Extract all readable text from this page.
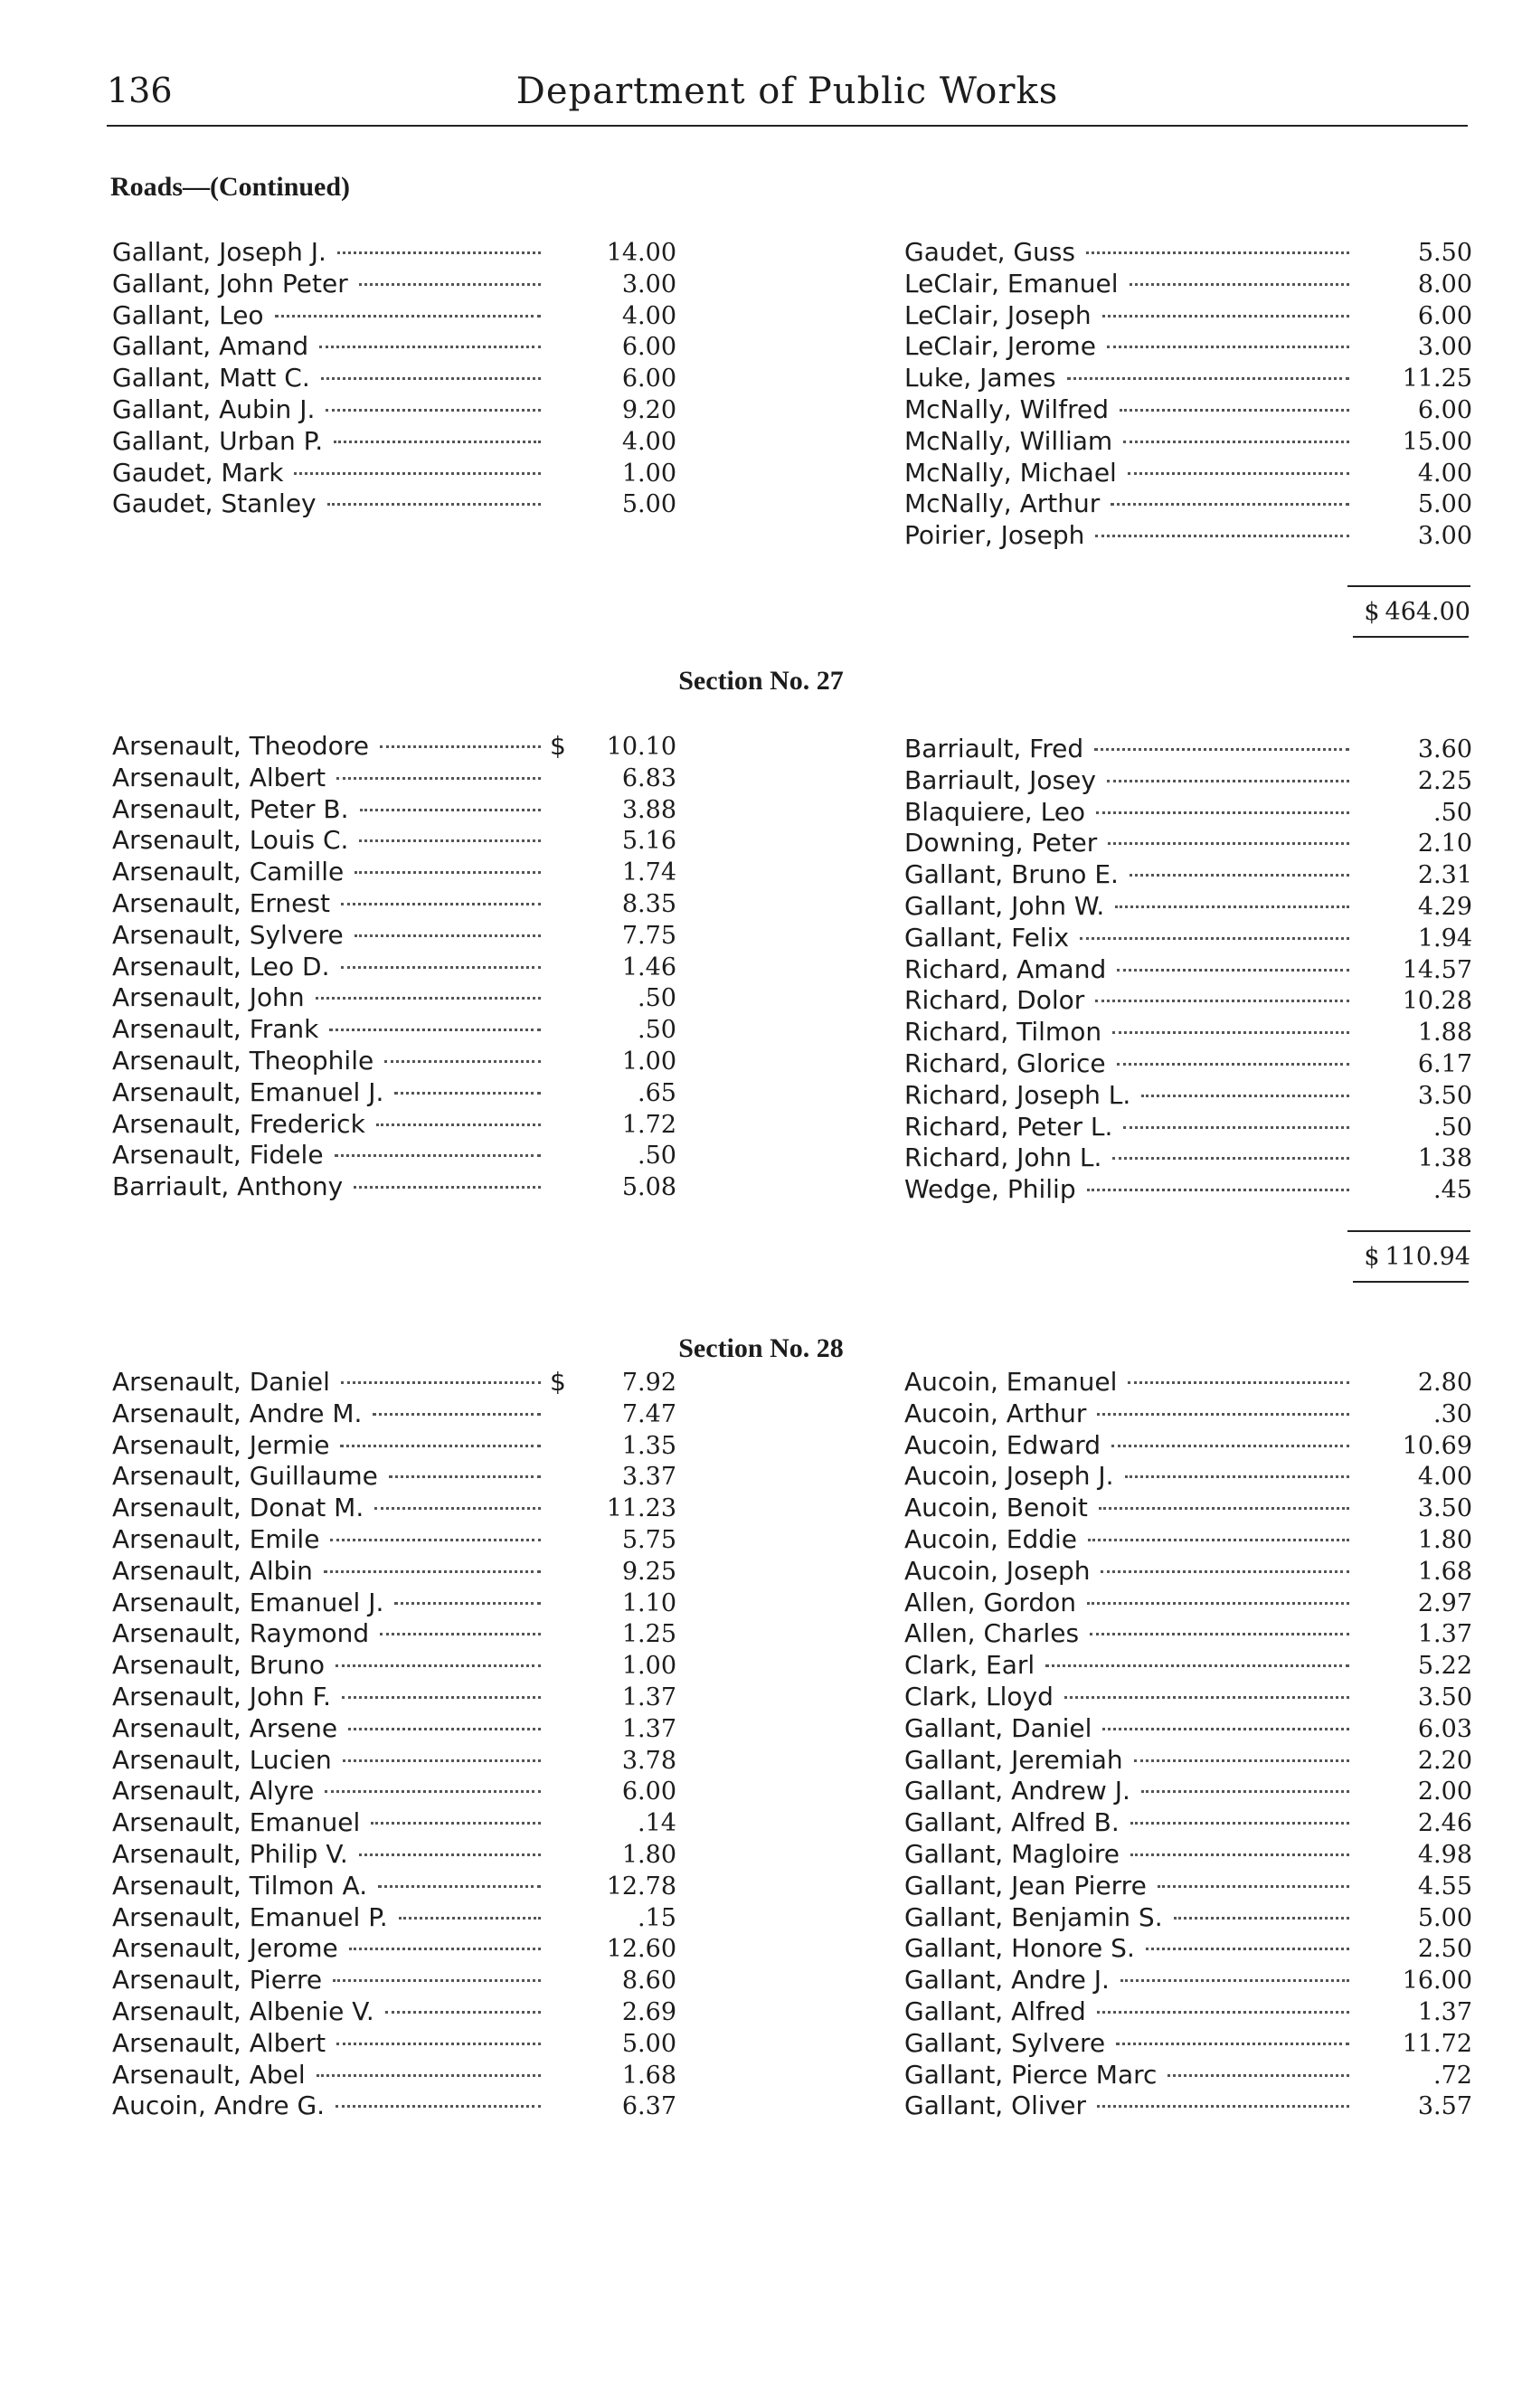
136	Department of Public Works
Roads—(Continued)
Gallant, Joseph J.	14.00
Gallant, John Peter	3.00
Gallant, Leo	4.00
Gallant, Amand	6.00
Gallant, Matt C.	6.00
Gallant, Aubin J.	9.20
Gallant, Urban P.	4.00
Gaudet, Mark	1.00
Gaudet, Stanley	5.00
Gaudet, Guss	5.50
LeClair, Emanuel	8.00
LeClair, Joseph	6.00
LeClair, Jerome	3.00
Luke, James	11.25
McNally, Wilfred	6.00
McNally, William	15.00
McNally, Michael	4.00
McNally, Arthur	5.00
Poirier, Joseph	3.00
$ 464.00
Section No. 27
Arsenault, Theodore	$	10.10
Arsenault, Albert	6.83
Arsenault, Peter B.	3.88
Arsenault, Louis C.	5.16
Arsenault, Camille	1.74
Arsenault, Ernest	8.35
Arsenault, Sylvere	7.75
Arsenault, Leo D.	1.46
Arsenault, John	.50
Arsenault, Frank	.50
Arsenault, Theophile	1.00
Arsenault, Emanuel J.	.65
Arsenault, Frederick	1.72
Arsenault, Fidele	.50
Barriault, Anthony	5.08
Barriault, Fred	3.60
Barriault, Josey	2.25
Blaquiere, Leo	.50
Downing, Peter	2.10
Gallant, Bruno E.	2.31
Gallant, John W.	4.29
Gallant, Felix	1.94
Richard, Amand	14.57
Richard, Dolor	10.28
Richard, Tilmon	1.88
Richard, Glorice	6.17
Richard, Joseph L.	3.50
Richard, Peter L.	.50
Richard, John L.	1.38
Wedge, Philip	.45
$ 110.94
Section No. 28
Arsenault, Daniel	$	7.92
Arsenault, Andre M.	7.47
Arsenault, Jermie	1.35
Arsenault, Guillaume	3.37
Arsenault, Donat M.	11.23
Arsenault, Emile	5.75
Arsenault, Albin	9.25
Arsenault, Emanuel J.	1.10
Arsenault, Raymond	1.25
Arsenault, Bruno	1.00
Arsenault, John F.	1.37
Arsenault, Arsene	1.37
Arsenault, Lucien	3.78
Arsenault, Alyre	6.00
Arsenault, Emanuel	.14
Arsenault, Philip V.	1.80
Arsenault, Tilmon A.	12.78
Arsenault, Emanuel P.	.15
Arsenault, Jerome	12.60
Arsenault, Pierre	8.60
Arsenault, Albenie V.	2.69
Arsenault, Albert	5.00
Arsenault, Abel	1.68
Aucoin, Andre G.	6.37
Aucoin, Emanuel	2.80
Aucoin, Arthur	.30
Aucoin, Edward	10.69
Aucoin, Joseph J.	4.00
Aucoin, Benoit	3.50
Aucoin, Eddie	1.80
Aucoin, Joseph	1.68
Allen, Gordon	2.97
Allen, Charles	1.37
Clark, Earl	5.22
Clark, Lloyd	3.50
Gallant, Daniel	6.03
Gallant, Jeremiah	2.20
Gallant, Andrew J.	2.00
Gallant, Alfred B.	2.46
Gallant, Magloire	4.98
Gallant, Jean Pierre	4.55
Gallant, Benjamin S.	5.00
Gallant, Honore S.	2.50
Gallant, Andre J.	16.00
Gallant, Alfred	1.37
Gallant, Sylvere	11.72
Gallant, Pierce Marc	.72
Gallant, Oliver	3.57
